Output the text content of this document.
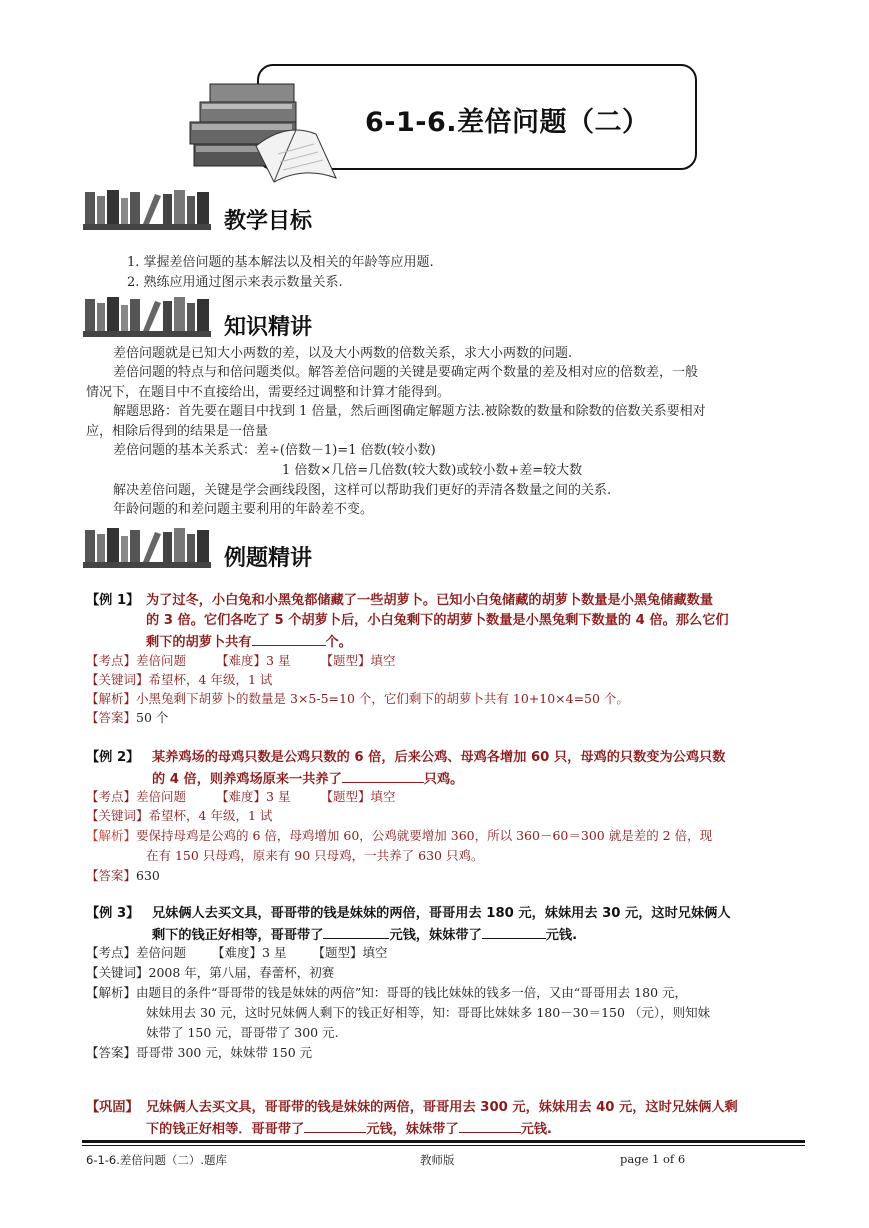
6-1-6.差倍问题（二）
教学目标
1. 掌握差倍问题的基本解法以及相关的年龄等应用题.
2. 熟练应用通过图示来表示数量关系.
知识精讲
差倍问题就是已知大小两数的差，以及大小两数的倍数关系，求大小两数的问题.
差倍问题的特点与和倍问题类似。解答差倍问题的关键是要确定两个数量的差及相对应的倍数差，一般
情况下，在题目中不直接给出，需要经过调整和计算才能得到。
解题思路：首先要在题目中找到 1 倍量，然后画图确定解题方法.被除数的数量和除数的倍数关系要相对
应，相除后得到的结果是一倍量
差倍问题的基本关系式：差÷(倍数－1)=1 倍数(较小数)
1 倍数×几倍=几倍数(较大数)或较小数+差=较大数
解决差倍问题，关键是学会画线段图，这样可以帮助我们更好的弄清各数量之间的关系.
年龄问题的和差问题主要利用的年龄差不变。
例题精讲
【例 1】 为了过冬，小白兔和小黑兔都储藏了一些胡萝卜。已知小白兔储藏的胡萝卜数量是小黑兔储藏数量
的 3 倍。它们各吃了 5 个胡萝卜后，小白兔剩下的胡萝卜数量是小黑兔剩下数量的 4 倍。那么它们
剩下的胡萝卜共有	个。
【考点】差倍问题 【难度】3 星 【题型】填空
【关键词】希望杯，4 年级，1 试
【解析】小黑兔剩下胡萝卜的数量是 3×5-5=10 个，它们剩下的胡萝卜共有 10+10×4=50 个。
【答案】50 个
【例 2】 某养鸡场的母鸡只数是公鸡只数的 6 倍，后来公鸡、母鸡各增加 60 只，母鸡的只数变为公鸡只数
的 4 倍，则养鸡场原来一共养了	只鸡。
【考点】差倍问题 【难度】3 星 【题型】填空
【关键词】希望杯，4 年级，1 试
【解析】要保持母鸡是公鸡的 6 倍，母鸡增加 60，公鸡就要增加 360，所以 360－60＝300 就是差的 2 倍，现
在有 150 只母鸡，原来有 90 只母鸡，一共养了 630 只鸡。
【答案】630
【例 3】 兄妹俩人去买文具，哥哥带的钱是妹妹的两倍，哥哥用去 180 元，妹妹用去 30 元，这时兄妹俩人
剩下的钱正好相等，哥哥带了	元钱，妹妹带了	元钱.
【考点】差倍问题 【难度】3 星 【题型】填空
【关键词】2008 年，第八届，春蕾杯，初赛
【解析】由题目的条件“哥哥带的钱是妹妹的两倍”知：哥哥的钱比妹妹的钱多一倍，又由“哥哥用去 180 元，
妹妹用去 30 元，这时兄妹俩人剩下的钱正好相等，知：哥哥比妹妹多 180－30＝150 （元），则知妹
妹带了 150 元，哥哥带了 300 元.
【答案】哥哥带 300 元，妹妹带 150 元
【巩固】 兄妹俩人去买文具，哥哥带的钱是妹妹的两倍，哥哥用去 300 元，妹妹用去 40 元，这时兄妹俩人剩
下的钱正好相等．哥哥带了	元钱，妹妹带了	元钱.
6-1-6.差倍问题（二）.题库	教师版	page 1 of 6
